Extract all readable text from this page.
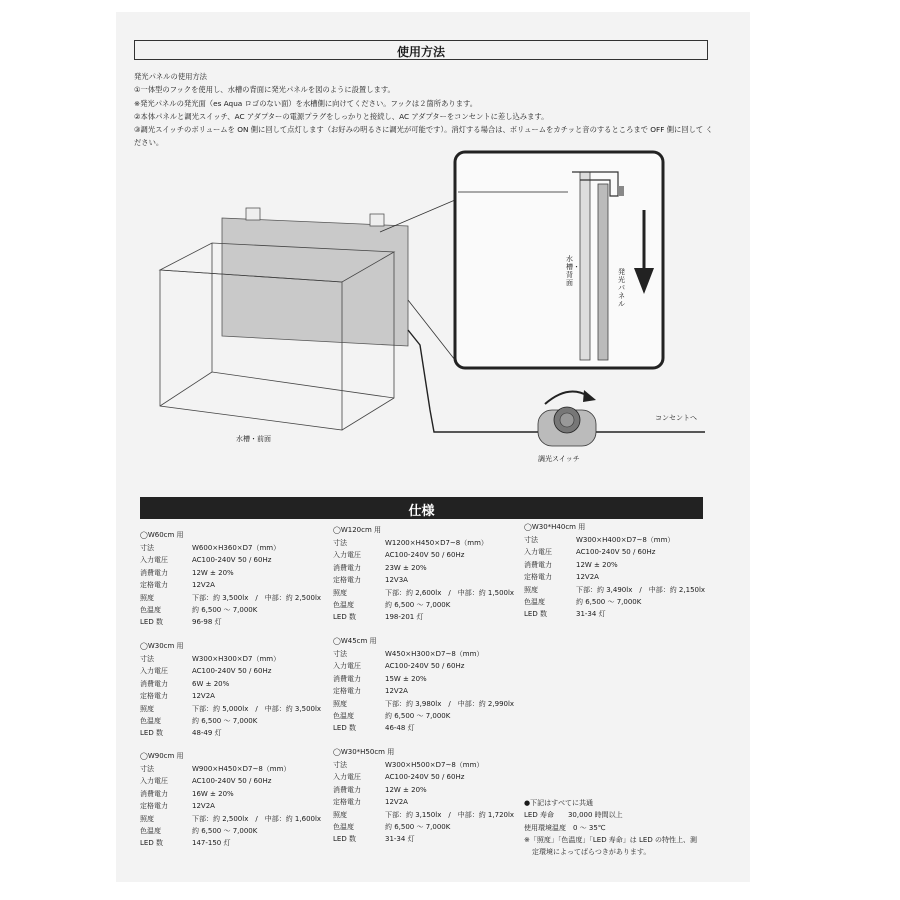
使用方法
発光パネルの使用方法
①一体型のフックを使用し、水槽の背面に発光パネルを図のように設置します。
※発光パネルの発光面（es Aqua ロゴのない面）を水槽側に向けてください。フックは２箇所あります。
②本体パネルと調光スイッチ、AC アダプターの電源プラグをしっかりと接続し、AC アダプターをコンセントに差し込みます。
③調光スイッチのボリュームを ON 側に回して点灯します（お好みの明るさに調光が可能です）。消灯する場合は、ボリュームをカチッと音のするところまで OFF 側に回して ください。
水槽・前面
水槽・背面
発光パネル
コンセントへ
調光スイッチ
仕様
◯W60cm 用
寸法	W600×H360×D7（mm）
入力電圧	AC100-240V 50 / 60Hz
消費電力	12W ± 20%
定格電力	12V2A
照度	下部：約 3,500lx　/　中部：約 2,500lx
色温度	約 6,500 ～ 7,000K
LED 数	96-98 灯
◯W120cm 用
寸法	W1200×H450×D7~8（mm）
入力電圧	AC100-240V 50 / 60Hz
消費電力	23W ± 20%
定格電力	12V3A
照度	下部：約 2,600lx　/　中部：約 1,500lx
色温度	約 6,500 ～ 7,000K
LED 数	198-201 灯
◯W30*H40cm 用
寸法	W300×H400×D7~8（mm）
入力電圧	AC100-240V 50 / 60Hz
消費電力	12W ± 20%
定格電力	12V2A
照度	下部：約 3,490lx　/　中部：約 2,150lx
色温度	約 6,500 ～ 7,000K
LED 数	31-34 灯
◯W30cm 用
寸法	W300×H300×D7（mm）
入力電圧	AC100-240V 50 / 60Hz
消費電力	6W ± 20%
定格電力	12V2A
照度	下部：約 5,000lx　/　中部：約 3,500lx
色温度	約 6,500 ～ 7,000K
LED 数	48-49 灯
◯W45cm 用
寸法	W450×H300×D7~8（mm）
入力電圧	AC100-240V 50 / 60Hz
消費電力	15W ± 20%
定格電力	12V2A
照度	下部：約 3,980lx　/　中部：約 2,990lx
色温度	約 6,500 ～ 7,000K
LED 数	46-48 灯
◯W90cm 用
寸法	W900×H450×D7~8（mm）
入力電圧	AC100-240V 50 / 60Hz
消費電力	16W ± 20%
定格電力	12V2A
照度	下部：約 2,500lx　/　中部：約 1,600lx
色温度	約 6,500 ～ 7,000K
LED 数	147-150 灯
◯W30*H50cm 用
寸法	W300×H500×D7~8（mm）
入力電圧	AC100-240V 50 / 60Hz
消費電力	12W ± 20%
定格電力	12V2A
照度	下部：約 3,150lx　/　中部：約 1,720lx
色温度	約 6,500 ～ 7,000K
LED 数	31-34 灯
●下記はすべてに共通
LED 寿命　　 30,000 時間以上
使用環境温度　 0 ～ 35℃
※「照度」「色温度」「LED 寿命」は LED の特性上、測
定環境によってばらつきがあります。
